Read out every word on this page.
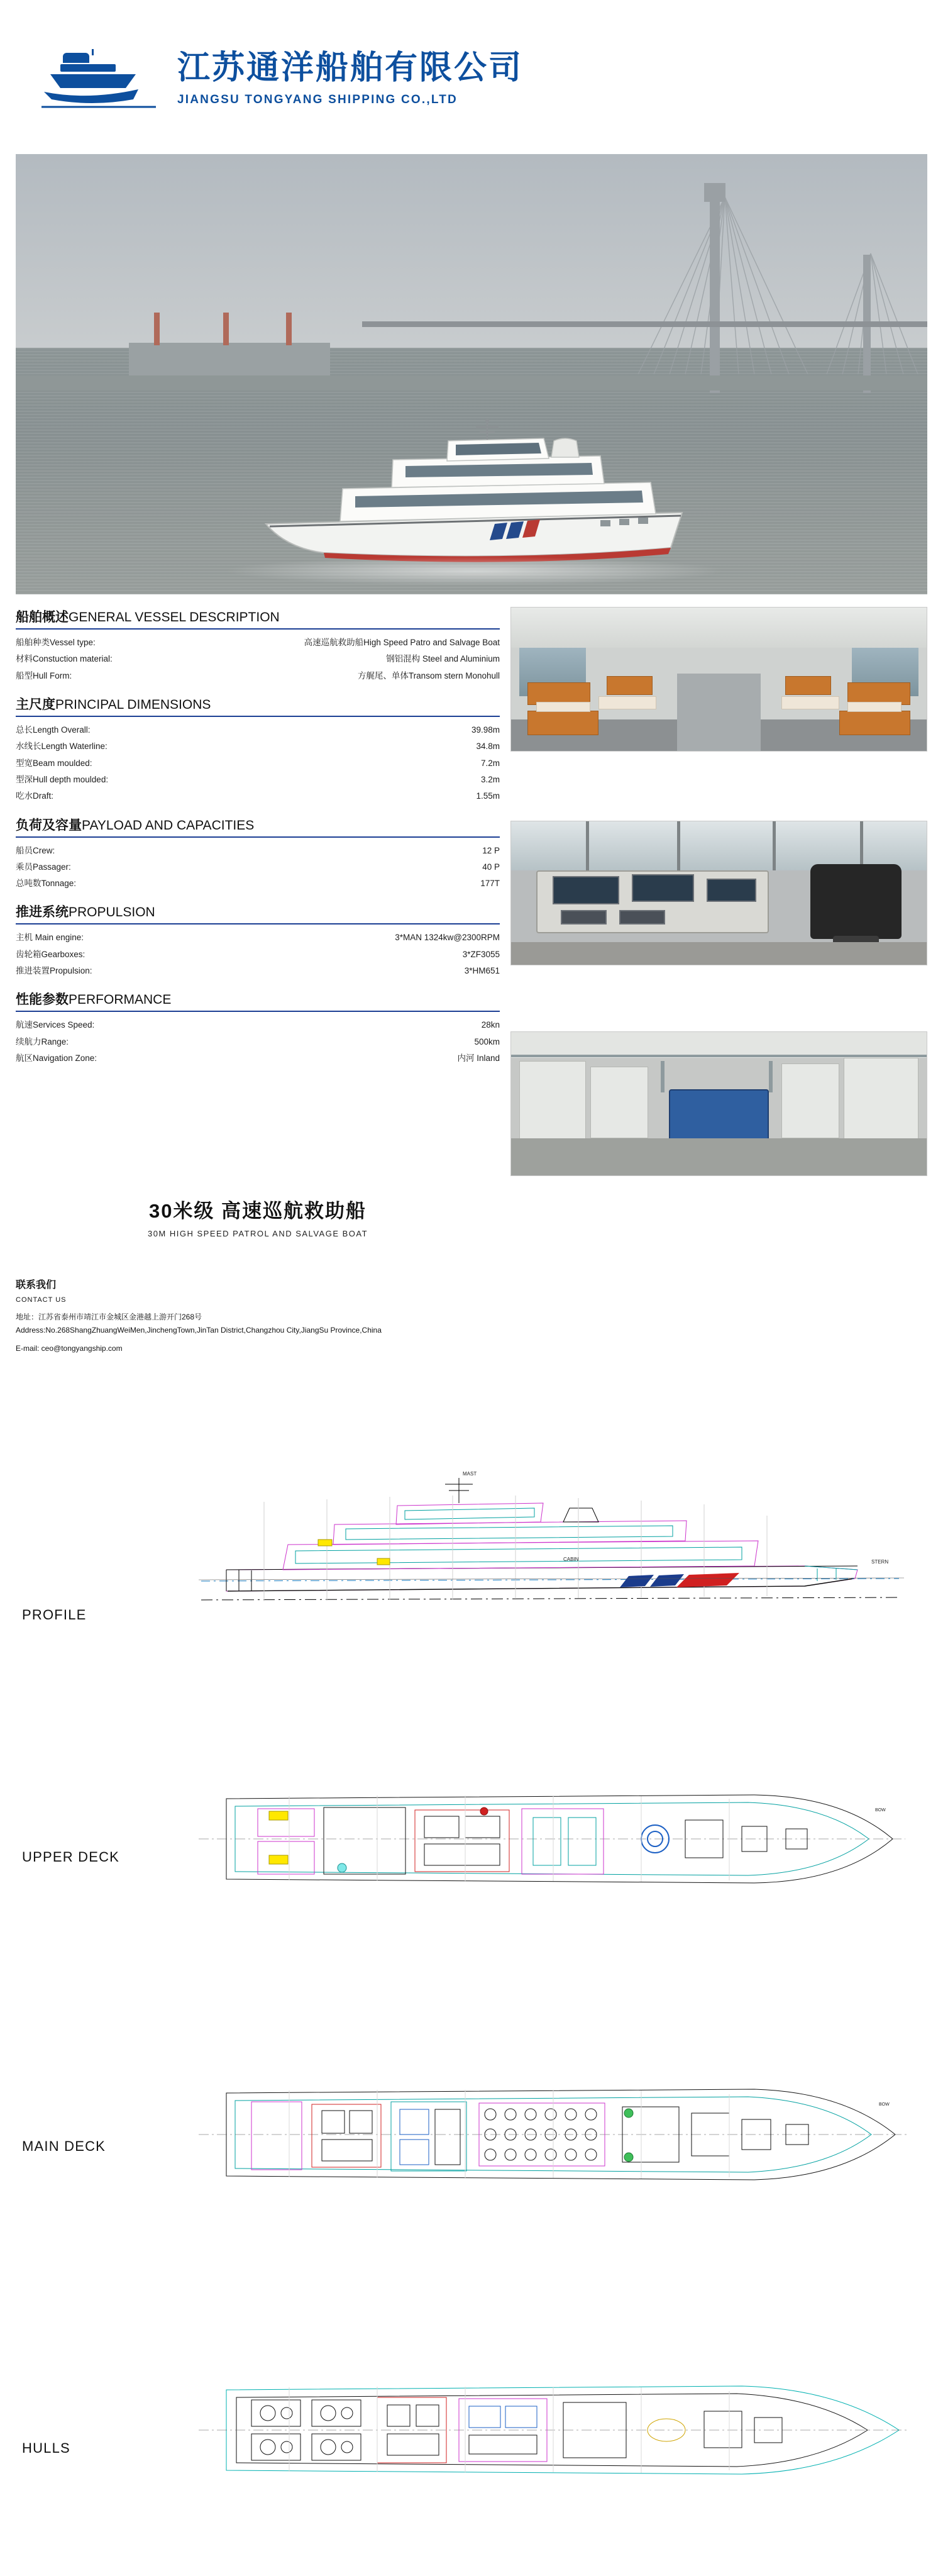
江苏通洋船舶有限公司
JIANGSU TONGYANG SHIPPING CO.,LTD
船舶概述GENERAL VESSEL DESCRIPTION
船舶种类Vessel type:	高速巡航救助船High Speed Patro and Salvage Boat
材料Constuction material:	钢铝混构 Steel and Aluminium
船型Hull Form:	方艉尾、单体Transom stern Monohull
主尺度PRINCIPAL DIMENSIONS
总长Length Overall:	39.98m
水线长Length Waterline:	34.8m
型宽Beam moulded:	7.2m
型深Hull depth moulded:	3.2m
吃水Draft:	1.55m
负荷及容量PAYLOAD AND CAPACITIES
船员Crew:	12 P
乘员Passager:	40 P
总吨数Tonnage:	177T
推进系统PROPULSION
主机 Main engine:	3*MAN 1324kw@2300RPM
齿轮箱Gearboxes:	3*ZF3055
推进装置Propulsion:	3*HM651
性能参数PERFORMANCE
航速Services Speed:	28kn
续航力Range:	500km
航区Navigation Zone:	内河 Inland
30米级 高速巡航救助船
30M HIGH SPEED PATROL AND SALVAGE BOAT
联系我们
CONTACT US
地址：江苏省泰州市靖江市金城区金港越上游开门268号
Address:No.268ShangZhuangWeiMen,JinchengTown,JinTan District,Changzhou City,JiangSu Province,China
E-mail: ceo@tongyangship.com
PROFILE
STERN
MAST
CABIN
UPPER DECK
BOW
MAIN DECK
BOW
HULLS
